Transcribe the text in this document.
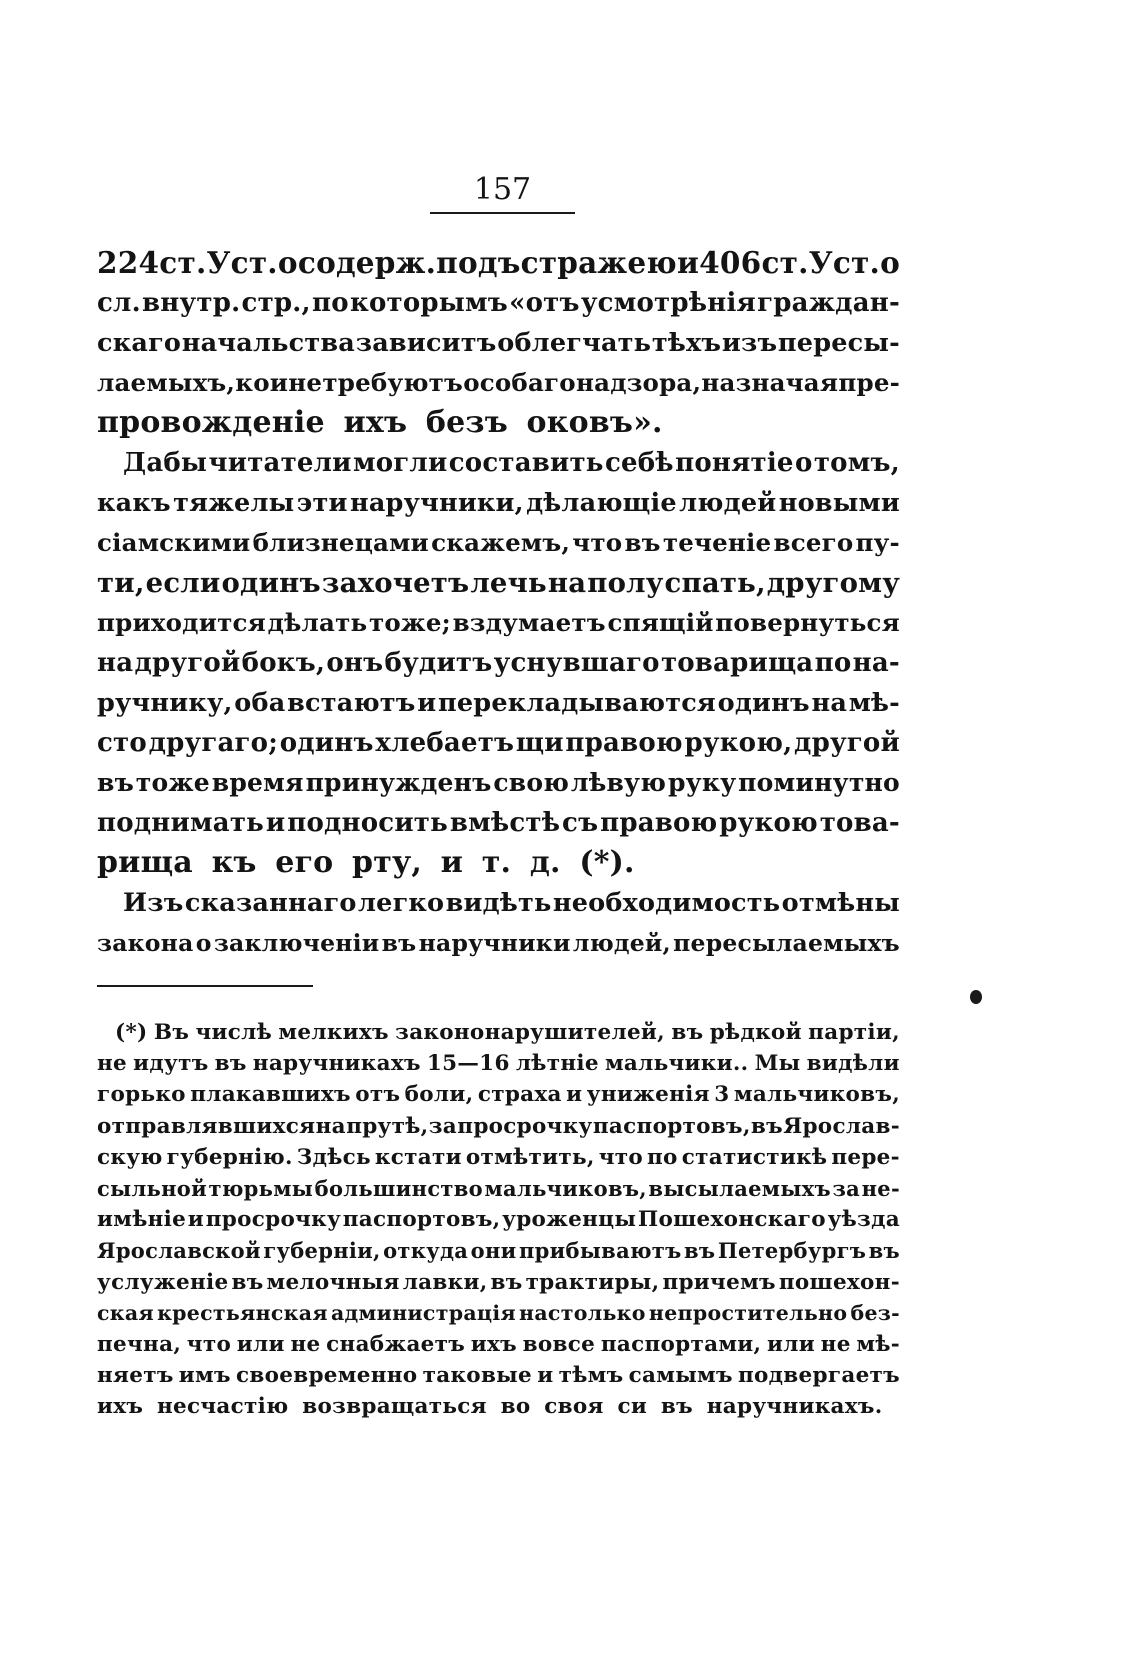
157
224 ст. Уст. о содерж. подъ стражею и 406 ст. Уст. о
сл. внутр. стр., по которымъ «отъ усмотрѣнія граждан-
скаго начальства зависитъ облегчать тѣхъ изъ пересы-
лаемыхъ, кои не требуютъ особаго надзора, назначая пре-
провожденіе ихъ безъ оковъ».
Дабы читатели могли составить себѣ понятіе о томъ,
какъ тяжелы эти наручники, дѣлающіе людей новыми
сіамскими близнецами скажемъ, что въ теченіе всего пу-
ти, если одинъ захочетъ лечь на полу спать, другому
приходится дѣлать тоже; вздумаетъ спящій повернуться
на другой бокъ, онъ будитъ уснувшаго товарища по на-
ручнику, оба встаютъ и перекладываются одинъ на мѣ-
сто другаго; одинъ хлебаетъ щи правою рукою, другой
въ тоже время принужденъ свою лѣвую руку поминутно
поднимать и подносить вмѣстѣ съ правою рукою това-
рища къ его рту, и т. д. (*).
Изъ сказаннаго легко видѣть необходимость отмѣны
закона о заключеніи въ наручники людей, пересылаемыхъ
(*) Въ числѣ мелкихъ закононарушителей, въ рѣдкой партіи,
не идутъ въ наручникахъ 15—16 лѣтніе мальчики.. Мы видѣли
горько плакавшихъ отъ боли, страха и униженія 3 мальчиковъ,
отправлявшихся на прутѣ, за просрочку паспортовъ, въ Ярослав-
скую губернію. Здѣсь кстати отмѣтить, что по статистикѣ пере-
сыльной тюрьмы большинство мальчиковъ, высылаемыхъ за не-
имѣніе и просрочку паспортовъ, уроженцы Пошехонскаго уѣзда
Ярославской губерніи, откуда они прибываютъ въ Петербургъ въ
услуженіе въ мелочныя лавки, въ трактиры, причемъ пошехон-
ская крестьянская администрація настолько непростительно без-
печна, что или не снабжаетъ ихъ вовсе паспортами, или не мѣ-
няетъ имъ своевременно таковые и тѣмъ самымъ подвергаетъ
ихъ несчастію возвращаться во своя си въ наручникахъ.
